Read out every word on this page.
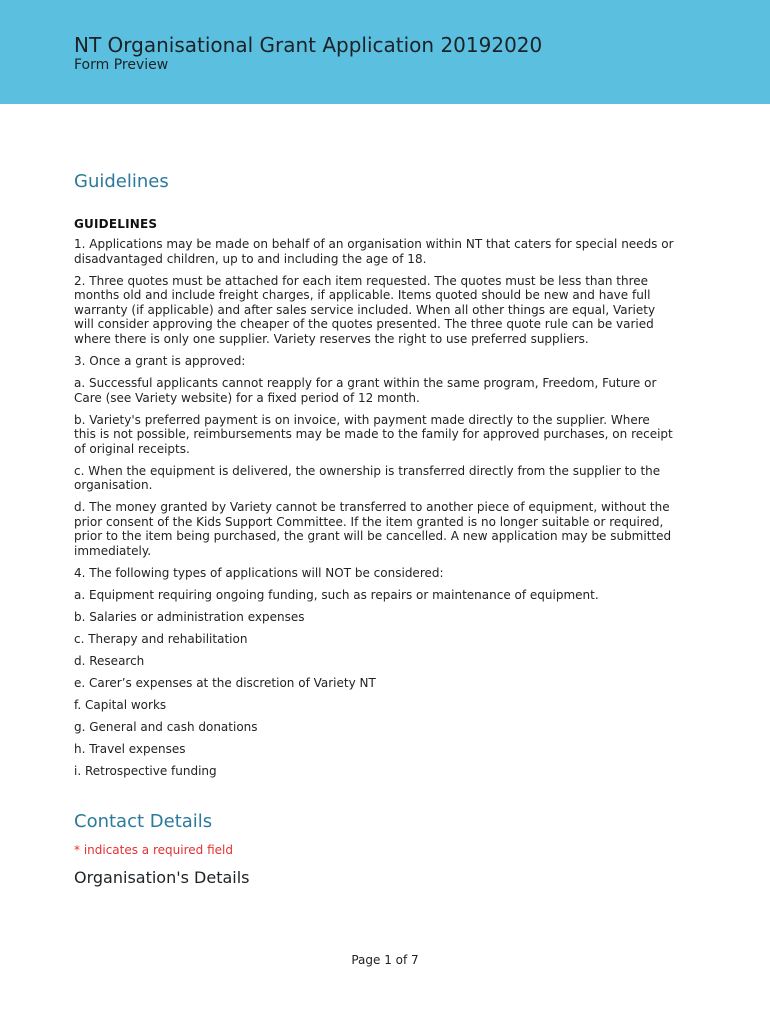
NT Organisational Grant Application 20192020
Form Preview
Guidelines
GUIDELINES

1. Applications may be made on behalf of an organisation within NT that caters for special needs or disadvantaged children, up to and including the age of 18.

2. Three quotes must be attached for each item requested. The quotes must be less than three months old and include freight charges, if applicable. Items quoted should be new and have full warranty (if applicable) and after sales service included. When all other things are equal, Variety will consider approving the cheaper of the quotes presented. The three quote rule can be varied where there is only one supplier. Variety reserves the right to use preferred suppliers.

3. Once a grant is approved:

a. Successful applicants cannot reapply for a grant within the same program, Freedom, Future or Care (see Variety website) for a fixed period of 12 month.

b. Variety's preferred payment is on invoice, with payment made directly to the supplier. Where this is not possible, reimbursements may be made to the family for approved purchases, on receipt of original receipts.

c. When the equipment is delivered, the ownership is transferred directly from the supplier to the organisation.

d. The money granted by Variety cannot be transferred to another piece of equipment, without the prior consent of the Kids Support Committee. If the item granted is no longer suitable or required, prior to the item being purchased, the grant will be cancelled. A new application may be submitted immediately.

4. The following types of applications will NOT be considered:

a. Equipment requiring ongoing funding, such as repairs or maintenance of equipment.

b. Salaries or administration expenses

c. Therapy and rehabilitation

d. Research

e. Carer’s expenses at the discretion of Variety NT

f. Capital works

g. General and cash donations

h. Travel expenses

i. Retrospective funding

Contact Details
* indicates a required field
Organisation's Details
Page 1 of 7
